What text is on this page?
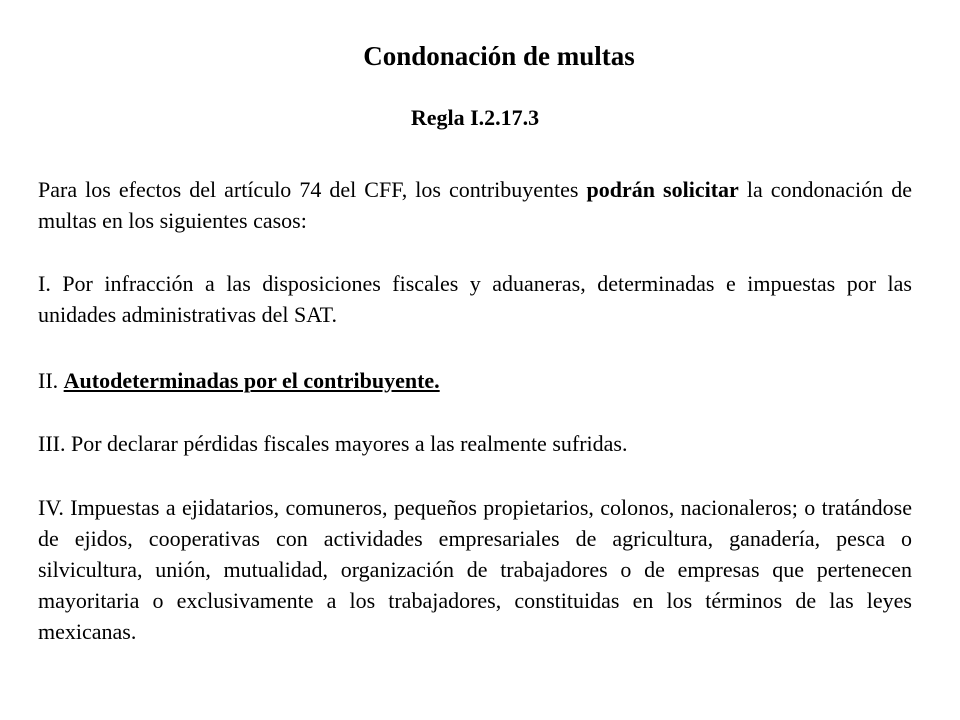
Condonación de multas
Regla I.2.17.3

Para los efectos del artículo 74 del CFF, los contribuyentes podrán solicitar la condonación de multas en los siguientes casos:

I. Por infracción a las disposiciones fiscales y aduaneras, determinadas e impuestas por las unidades administrativas del SAT.

II. Autodeterminadas por el contribuyente.

III. Por declarar pérdidas fiscales mayores a las realmente sufridas.

IV. Impuestas a ejidatarios, comuneros, pequeños propietarios, colonos, nacionaleros; o tratándose de ejidos, cooperativas con actividades empresariales de agricultura, ganadería, pesca o silvicultura, unión, mutualidad, organización de trabajadores o de empresas que pertenecen mayoritaria o exclusivamente a los trabajadores, constituidas en los términos de las leyes mexicanas.
